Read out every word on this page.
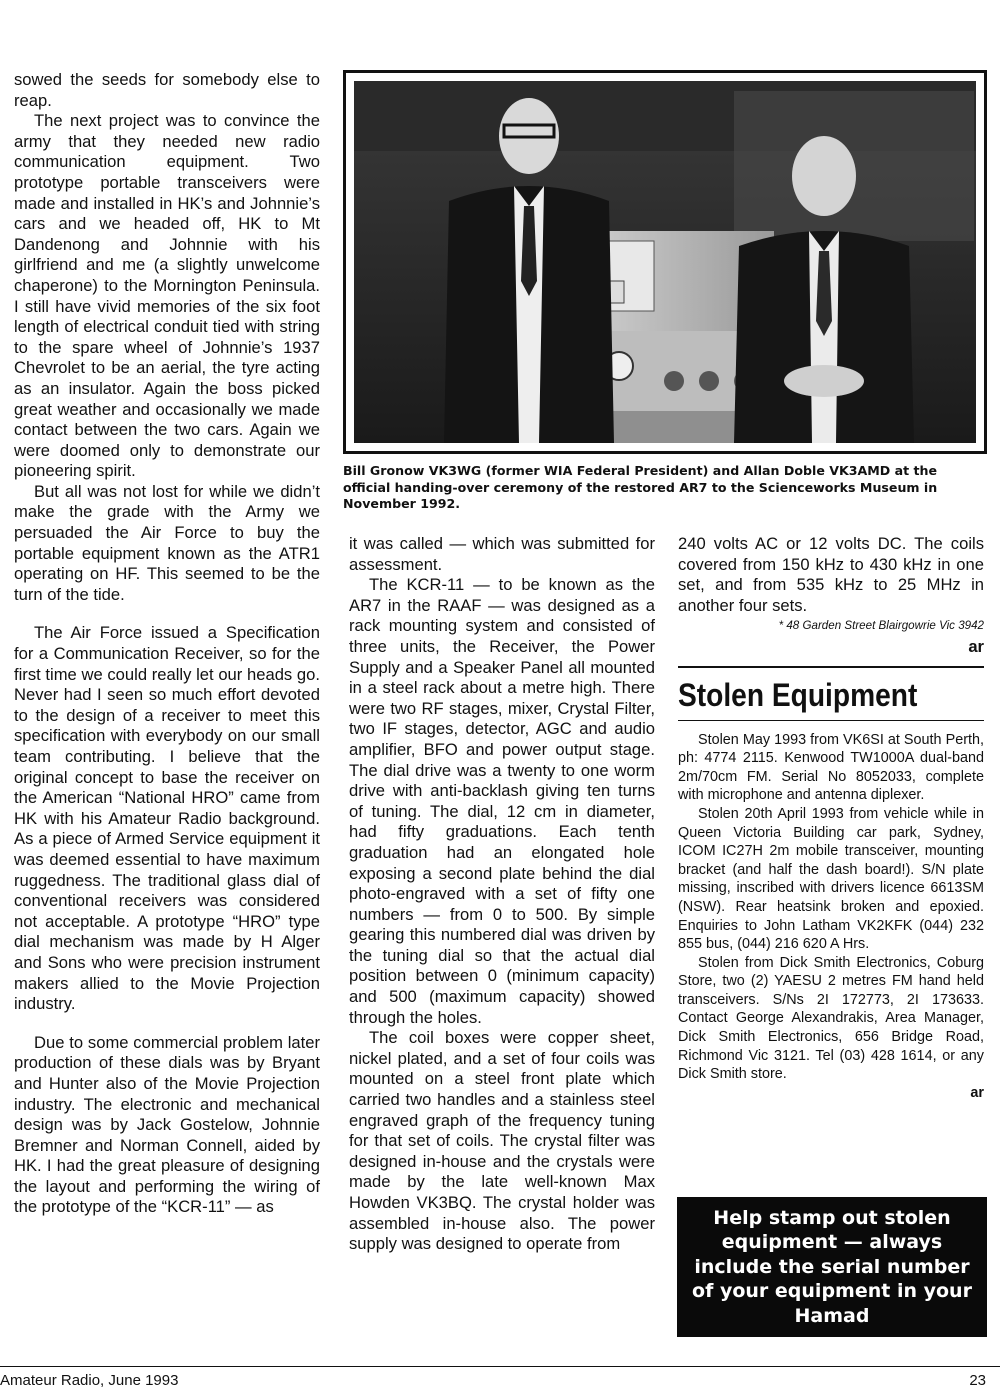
sowed the seeds for somebody else to reap.

The next project was to convince the army that they needed new radio communication equipment. Two prototype portable transceivers were made and installed in HK’s and Johnnie’s cars and we headed off, HK to Mt Dandenong and Johnnie with his girlfriend and me (a slightly unwelcome chaperone) to the Mornington Peninsula. I still have vivid memories of the six foot length of electrical conduit tied with string to the spare wheel of Johnnie’s 1937 Chevrolet to be an aerial, the tyre acting as an insulator. Again the boss picked great weather and occasionally we made contact between the two cars. Again we were doomed only to demonstrate our pioneering spirit.

But all was not lost for while we didn’t make the grade with the Army we persuaded the Air Force to buy the portable equipment known as the ATR1 operating on HF. This seemed to be the turn of the tide.

The Air Force issued a Specification for a Communication Receiver, so for the first time we could really let our heads go. Never had I seen so much effort devoted to the design of a receiver to meet this specification with everybody on our small team contributing. I believe that the original concept to base the receiver on the American “National HRO” came from HK with his Amateur Radio background. As a piece of Armed Service equipment it was deemed essential to have maximum ruggedness. The traditional glass dial of conventional receivers was considered not acceptable. A prototype “HRO” type dial mechanism was made by H Alger and Sons who were precision instrument makers allied to the Movie Projection industry.

Due to some commercial problem later production of these dials was by Bryant and Hunter also of the Movie Projection industry. The electronic and mechanical design was by Jack Gostelow, Johnnie Bremner and Norman Connell, aided by HK. I had the great pleasure of designing the layout and performing the wiring of the prototype of the “KCR-11” — as

Bill Gronow VK3WG (former WIA Federal President) and Allan Doble VK3AMD at the official handing-over ceremony of the restored AR7 to the Scienceworks Museum in November 1992.

it was called — which was submitted for assessment.

The KCR-11 — to be known as the AR7 in the RAAF — was designed as a rack mounting system and consisted of three units, the Receiver, the Power Supply and a Speaker Panel all mounted in a steel rack about a metre high. There were two RF stages, mixer, Crystal Filter, two IF stages, detector, AGC and audio amplifier, BFO and power output stage. The dial drive was a twenty to one worm drive with anti-backlash giving ten turns of tuning. The dial, 12 cm in diameter, had fifty graduations. Each tenth graduation had an elongated hole exposing a second plate behind the dial photo-engraved with a set of fifty one numbers — from 0 to 500. By simple gearing this numbered dial was driven by the tuning dial so that the actual dial position between 0 (minimum capacity) and 500 (maximum capacity) showed through the holes.

The coil boxes were copper sheet, nickel plated, and a set of four coils was mounted on a steel front plate which carried two handles and a stainless steel engraved graph of the frequency tuning for that set of coils. The crystal filter was designed in-house and the crystals were made by the late well-known Max Howden VK3BQ. The crystal holder was assembled in-house also. The power supply was designed to operate from

240 volts AC or 12 volts DC. The coils covered from 150 kHz to 430 kHz in one set, and from 535 kHz to 25 MHz in another four sets.

* 48 Garden Street Blairgowrie Vic 3942

ar

Stolen Equipment

Stolen May 1993 from VK6SI at South Perth, ph: 4774 2115. Kenwood TW1000A dual-band 2m/70cm FM. Serial No 8052033, complete with microphone and antenna diplexer.

Stolen 20th April 1993 from vehicle while in Queen Victoria Building car park, Sydney, ICOM IC27H 2m mobile transceiver, mounting bracket (and half the dash board!). S/N plate missing, inscribed with drivers licence 6613SM (NSW). Rear heatsink broken and epoxied. Enquiries to John Latham VK2KFK (044) 232 855 bus, (044) 216 620 A Hrs.

Stolen from Dick Smith Electronics, Coburg Store, two (2) YAESU 2 metres FM hand held transceivers. S/Ns 2I 172773, 2I 173633. Contact George Alexandrakis, Area Manager, Dick Smith Electronics, 656 Bridge Road, Richmond Vic 3121. Tel (03) 428 1614, or any Dick Smith store.

ar

Help stamp out stolen equipment — always include the serial number of your equipment in your Hamad
Amateur Radio, June 1993	23
